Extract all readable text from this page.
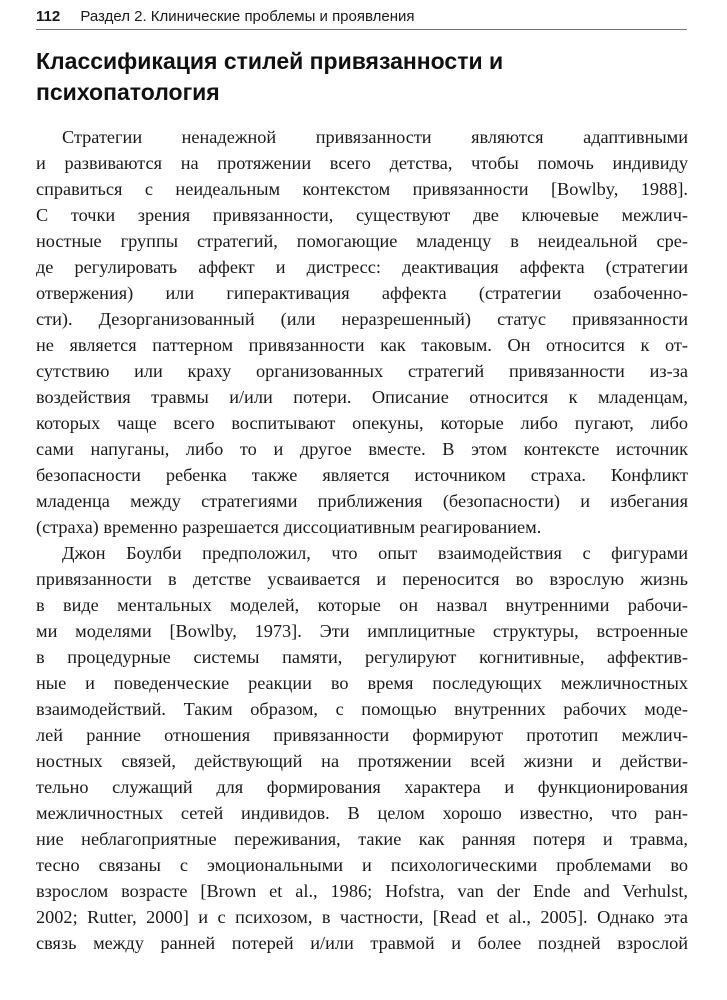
112 Раздел 2. Клинические проблемы и проявления
Классификация стилей привязанности и психопатология
Стратегии ненадежной привязанности являются адаптивными
и развиваются на протяжении всего детства, чтобы помочь индивиду
справиться с неидеальным контекстом привязанности [Bowlby, 1988].
С точки зрения привязанности, существуют две ключевые межлич-
ностные группы стратегий, помогающие младенцу в неидеальной сре-
де регулировать аффект и дистресс: деактивация аффекта (стратегии
отвержения) или гиперактивация аффекта (стратегии озабоченно-
сти). Дезорганизованный (или неразрешенный) статус привязанности
не является паттерном привязанности как таковым. Он относится к от-
сутствию или краху организованных стратегий привязанности из-за
воздействия травмы и/или потери. Описание относится к младенцам,
которых чаще всего воспитывают опекуны, которые либо пугают, либо
сами напуганы, либо то и другое вместе. В этом контексте источник
безопасности ребенка также является источником страха. Конфликт
младенца между стратегиями приближения (безопасности) и избегания
(страха) временно разрешается диссоциативным реагированием.
Джон Боулби предположил, что опыт взаимодействия с фигурами
привязанности в детстве усваивается и переносится во взрослую жизнь
в виде ментальных моделей, которые он назвал внутренними рабочи-
ми моделями [Bowlby, 1973]. Эти имплицитные структуры, встроенные
в процедурные системы памяти, регулируют когнитивные, аффектив-
ные и поведенческие реакции во время последующих межличностных
взаимодействий. Таким образом, с помощью внутренних рабочих моде-
лей ранние отношения привязанности формируют прототип межлич-
ностных связей, действующий на протяжении всей жизни и действи-
тельно служащий для формирования характера и функционирования
межличностных сетей индивидов. В целом хорошо известно, что ран-
ние неблагоприятные переживания, такие как ранняя потеря и травма,
тесно связаны с эмоциональными и психологическими проблемами во
взрослом возрасте [Brown et al., 1986; Hofstra, van der Ende and Verhulst,
2002; Rutter, 2000] и с психозом, в частности, [Read et al., 2005]. Однако эта
связь между ранней потерей и/или травмой и более поздней взрослой
